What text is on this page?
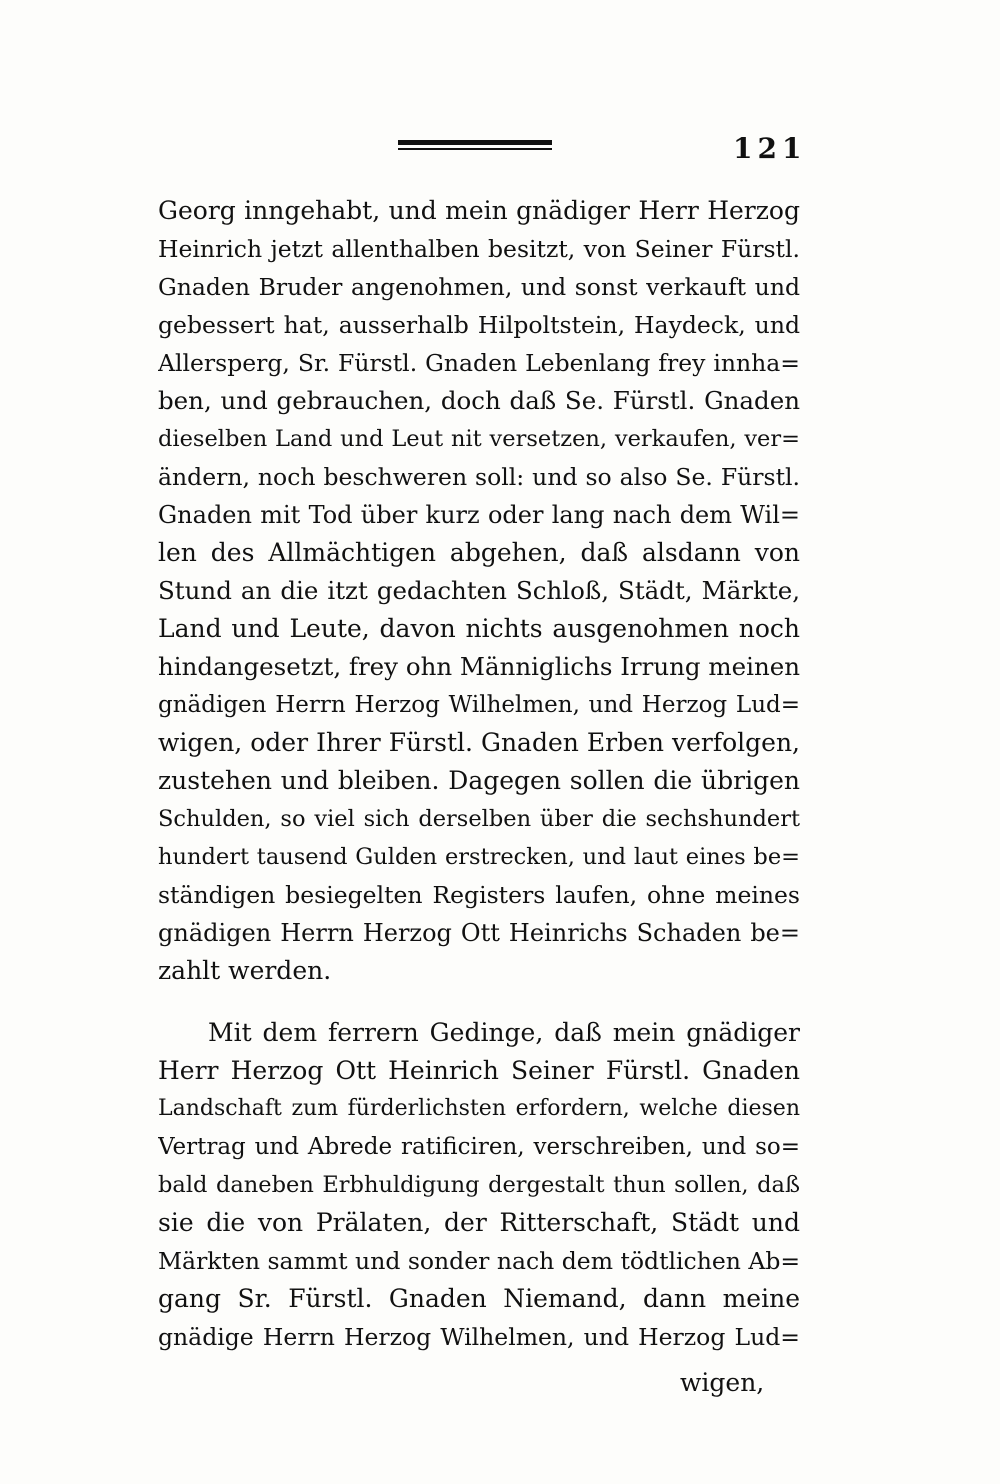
121
Georg inngehabt, und mein gnädiger Herr Herzog
Heinrich jetzt allenthalben besitzt, von Seiner Fürstl.
Gnaden Bruder angenohmen, und sonst verkauft und
gebessert hat, ausserhalb Hilpoltstein, Haydeck, und
Allersperg, Sr. Fürstl. Gnaden Lebenlang frey innha=
ben, und gebrauchen, doch daß Se. Fürstl. Gnaden
dieselben Land und Leut nit versetzen, verkaufen, ver=
ändern, noch beschweren soll: und so also Se. Fürstl.
Gnaden mit Tod über kurz oder lang nach dem Wil=
len des Allmächtigen abgehen, daß alsdann von
Stund an die itzt gedachten Schloß, Städt, Märkte,
Land und Leute, davon nichts ausgenohmen noch
hindangesetzt, frey ohn Männiglichs Irrung meinen
gnädigen Herrn Herzog Wilhelmen, und Herzog Lud=
wigen, oder Ihrer Fürstl. Gnaden Erben verfolgen,
zustehen und bleiben. Dagegen sollen die übrigen
Schulden, so viel sich derselben über die sechshundert
hundert tausend Gulden erstrecken, und laut eines be=
ständigen besiegelten Registers laufen, ohne meines
gnädigen Herrn Herzog Ott Heinrichs Schaden be=
zahlt werden.
Mit dem ferrern Gedinge, daß mein gnädiger
Herr Herzog Ott Heinrich Seiner Fürstl. Gnaden
Landschaft zum fürderlichsten erfordern, welche diesen
Vertrag und Abrede ratificiren, verschreiben, und so=
bald daneben Erbhuldigung dergestalt thun sollen, daß
sie die von Prälaten, der Ritterschaft, Städt und
Märkten sammt und sonder nach dem tödtlichen Ab=
gang Sr. Fürstl. Gnaden Niemand, dann meine
gnädige Herrn Herzog Wilhelmen, und Herzog Lud=
wigen,
